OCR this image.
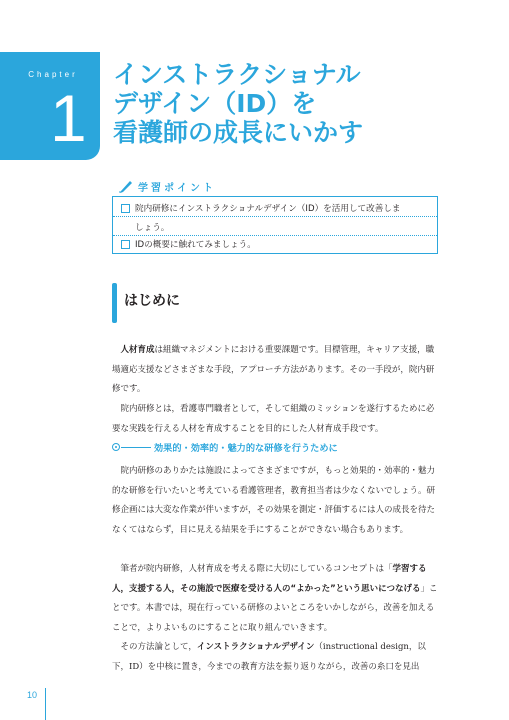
Chapter
1
インストラクショナル
デザイン（ID）を
看護師の成長にいかす
学習ポイント
院内研修にインストラクショナルデザイン（ID）を活用して改善しま
しょう。
IDの概要に触れてみましょう。
はじめに
人材育成は組織マネジメントにおける重要課題です。目標管理，キャリア支援，職場適応支援などさまざまな手段，アプローチ方法があります。その一手段が，院内研修です。
院内研修とは，看護専門職者として，そして組織のミッションを遂行するために必要な実践を行える人材を育成することを目的にした人材育成手段です。
効果的・効率的・魅力的な研修を行うために
院内研修のありかたは施設によってさまざまですが，もっと効果的・効率的・魅力的な研修を行いたいと考えている看護管理者，教育担当者は少なくないでしょう。研修企画には大変な作業が伴いますが，その効果を測定・評価するには人の成長を待たなくてはならず，目に見える結果を手にすることができない場合もあります。
筆者が院内研修，人材育成を考える際に大切にしているコンセプトは「学習する人，支援する人，その施設で医療を受ける人の“よかった”という思いにつなげる」ことです。本書では，現在行っている研修のよいところをいかしながら，改善を加えることで，よりよいものにすることに取り組んでいきます。
その方法論として，インストラクショナルデザイン（instructional design，以下，ID）を中核に置き，今までの教育方法を振り返りながら，改善の糸口を見出
10
